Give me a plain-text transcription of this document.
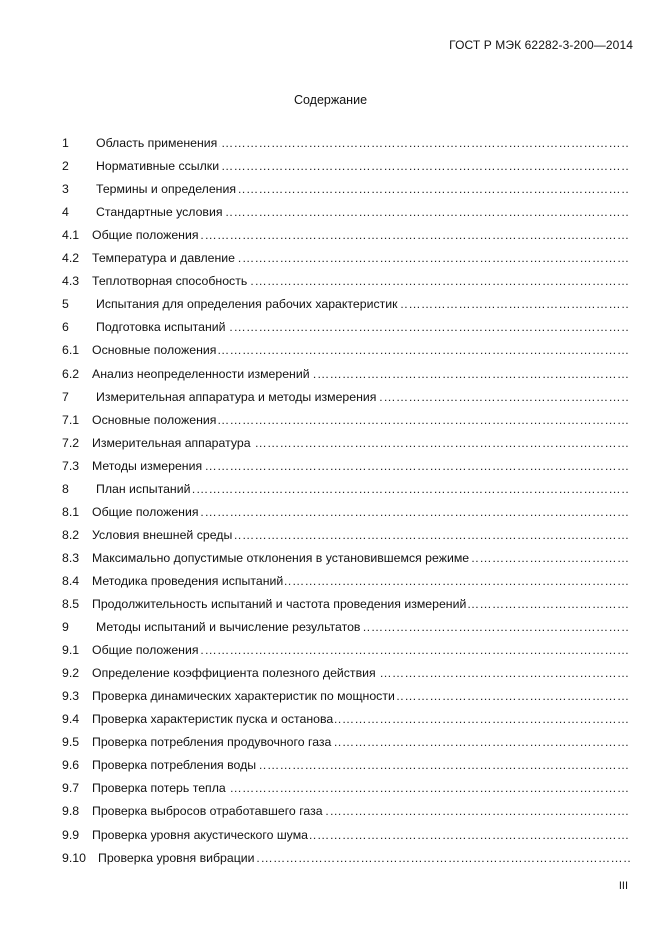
ГОСТ Р МЭК 62282-3-200—2014
Содержание
1 ………………………………………………………………………………………………………………………………………………………………………………………………………………… Область применения
2 ………………………………………………………………………………………………………………………………………………………………………………………………………………… Нормативные ссылки
3 ………………………………………………………………………………………………………………………………………………………………………………………………………………… Термины и определения
4 ………………………………………………………………………………………………………………………………………………………………………………………………………………… Стандартные условия
4.1 ………………………………………………………………………………………………………………………………………………………………………………………………………………… Общие положения
4.2 ………………………………………………………………………………………………………………………………………………………………………………………………………………… Температура и давление
4.3 ………………………………………………………………………………………………………………………………………………………………………………………………………………… Теплотворная способность
5 ………………………………………………………………………………………………………………………………………………………………………………………………………………… Испытания для определения рабочих характеристик
6 ………………………………………………………………………………………………………………………………………………………………………………………………………………… Подготовка испытаний
6.1 ………………………………………………………………………………………………………………………………………………………………………………………………………………… Основные положения
6.2 ………………………………………………………………………………………………………………………………………………………………………………………………………………… Анализ неопределенности измерений
7 ………………………………………………………………………………………………………………………………………………………………………………………………………………… Измерительная аппаратура и методы измерения
7.1 ………………………………………………………………………………………………………………………………………………………………………………………………………………… Основные положения
7.2 ………………………………………………………………………………………………………………………………………………………………………………………………………………… Измерительная аппаратура
7.3 ………………………………………………………………………………………………………………………………………………………………………………………………………………… Методы измерения
8 ………………………………………………………………………………………………………………………………………………………………………………………………………………… План испытаний
8.1 ………………………………………………………………………………………………………………………………………………………………………………………………………………… Общие положения
8.2 ………………………………………………………………………………………………………………………………………………………………………………………………………………… Условия внешней среды
8.3 ………………………………………………………………………………………………………………………………………………………………………………………………………………… Максимально допустимые отклонения в установившемся режиме
8.4 ………………………………………………………………………………………………………………………………………………………………………………………………………………… Методика проведения испытаний
8.5 ………………………………………………………………………………………………………………………………………………………………………………………………………………… Продолжительность испытаний и частота проведения измерений
9 ………………………………………………………………………………………………………………………………………………………………………………………………………………… Методы испытаний и вычисление результатов
9.1 ………………………………………………………………………………………………………………………………………………………………………………………………………………… Общие положения
9.2 ………………………………………………………………………………………………………………………………………………………………………………………………………………… Определение коэффициента полезного действия
9.3 ………………………………………………………………………………………………………………………………………………………………………………………………………………… Проверка динамических характеристик по мощности
9.4 ………………………………………………………………………………………………………………………………………………………………………………………………………………… Проверка характеристик пуска и останова
9.5 ………………………………………………………………………………………………………………………………………………………………………………………………………………… Проверка потребления продувочного газа
9.6 ………………………………………………………………………………………………………………………………………………………………………………………………………………… Проверка потребления воды
9.7 ………………………………………………………………………………………………………………………………………………………………………………………………………………… Проверка потерь тепла
9.8 ………………………………………………………………………………………………………………………………………………………………………………………………………………… Проверка выбросов отработавшего газа
9.9 ………………………………………………………………………………………………………………………………………………………………………………………………………………… Проверка уровня акустического шума
9.10 ………………………………………………………………………………………………………………………………………………………………………………………………………………… Проверка уровня вибрации
III
